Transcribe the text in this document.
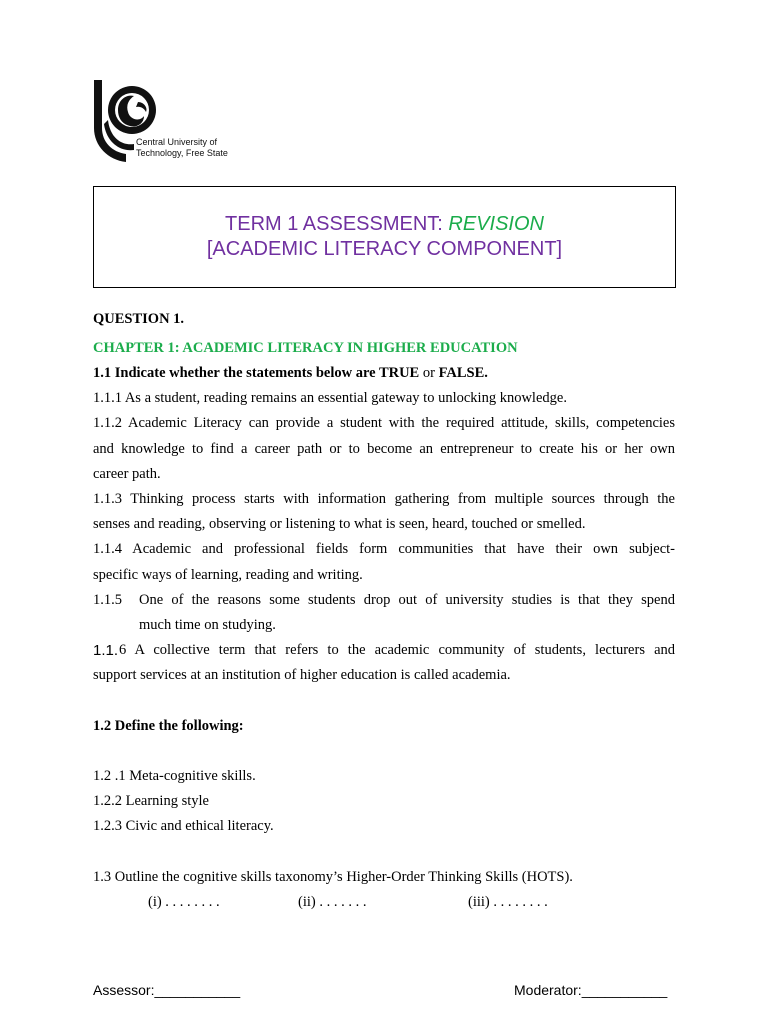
Central University of
Technology, Free State
TERM 1 ASSESSMENT: REVISION
[ACADEMIC LITERACY COMPONENT]
QUESTION 1.
CHAPTER 1: ACADEMIC LITERACY IN HIGHER EDUCATION
1.1 Indicate whether the statements below are TRUE or FALSE.
1.1.1 As a student, reading remains an essential gateway to unlocking knowledge.
1.1.2 Academic Literacy can provide a student with the required attitude, skills, competencies
and knowledge to find a career path or to become an entrepreneur to create his or her own
career path.
1.1.3 Thinking process starts with information gathering from multiple sources through the
senses and reading, observing or listening to what is seen, heard, touched or smelled.
1.1.4 Academic and professional fields form communities that have their own subject-
specific ways of learning, reading and writing.
1.1.5 One of the reasons some students drop out of university studies is that they spend
much time on studying.
1.1. 6 A collective term that refers to the academic community of students, lecturers and
support services at an institution of higher education is called academia.
1.2 Define the following:
1.2 .1 Meta-cognitive skills.
1.2.2 Learning style
1.2.3 Civic and ethical literacy.
1.3 Outline the cognitive skills taxonomy’s Higher-Order Thinking Skills (HOTS).
(i) . . . . . . . .	(ii) . . . . . . .	(iii) . . . . . . . .
Assessor:___________	Moderator:___________
